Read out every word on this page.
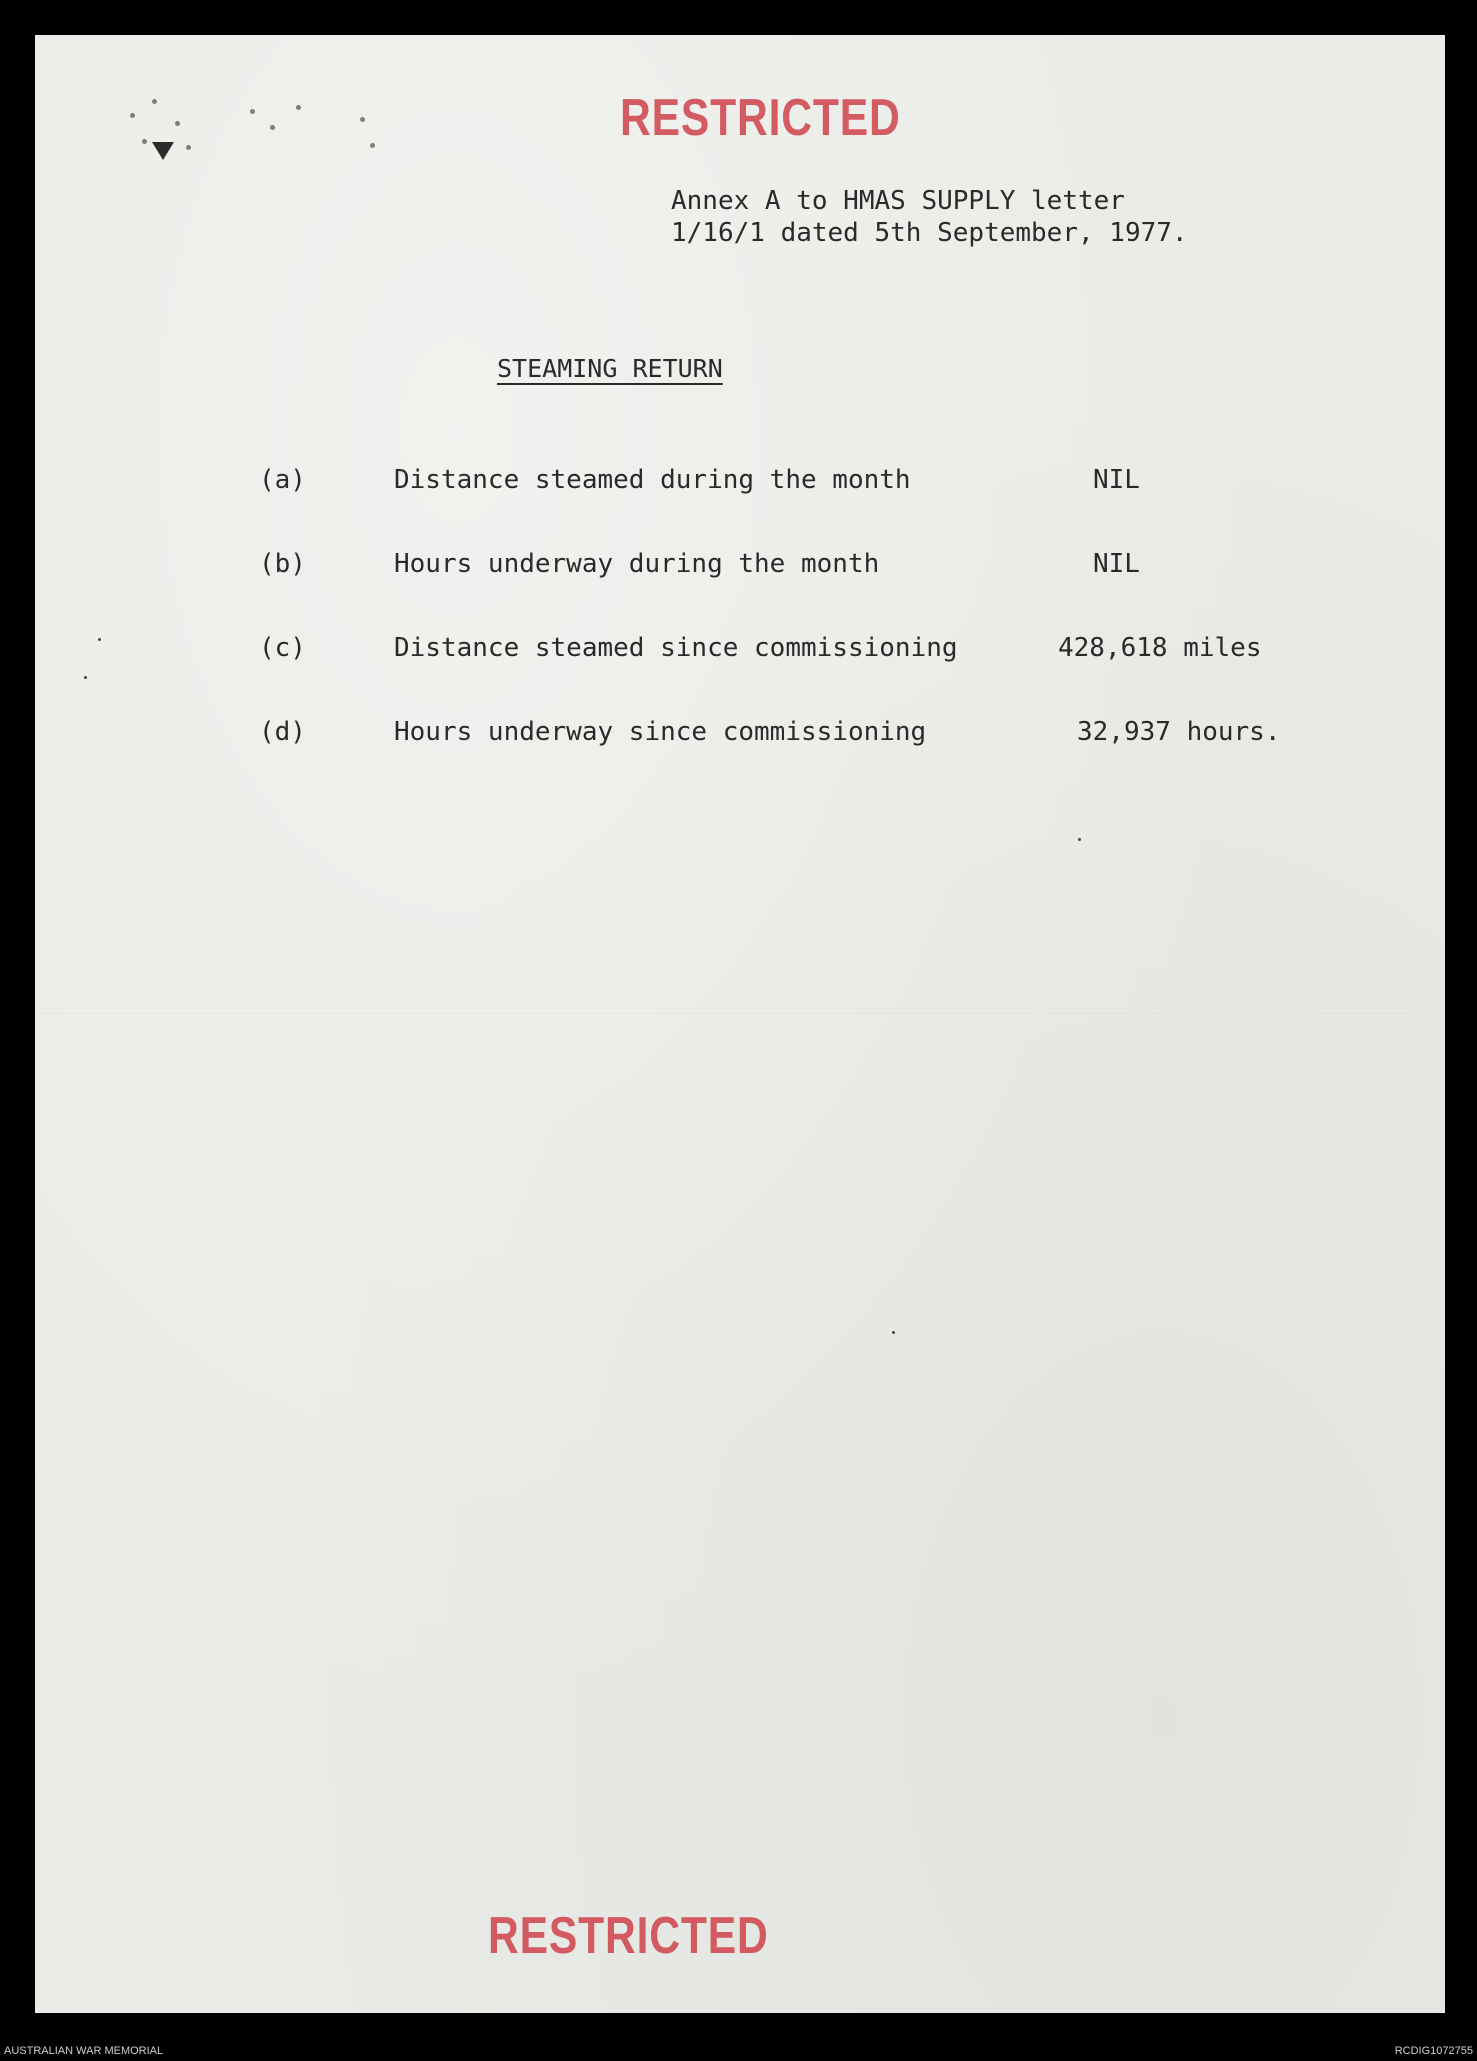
RESTRICTED
Annex A to HMAS SUPPLY letter
1/16/1 dated 5th September, 1977.
STEAMING RETURN
(a)	Distance steamed during the month	NIL
(b)	Hours underway during the month	NIL
(c)	Distance steamed since commissioning	428,618 miles
(d)	Hours underway since commissioning	32,937 hours.
RESTRICTED
AUSTRALIAN WAR MEMORIAL	RCDIG1072755
